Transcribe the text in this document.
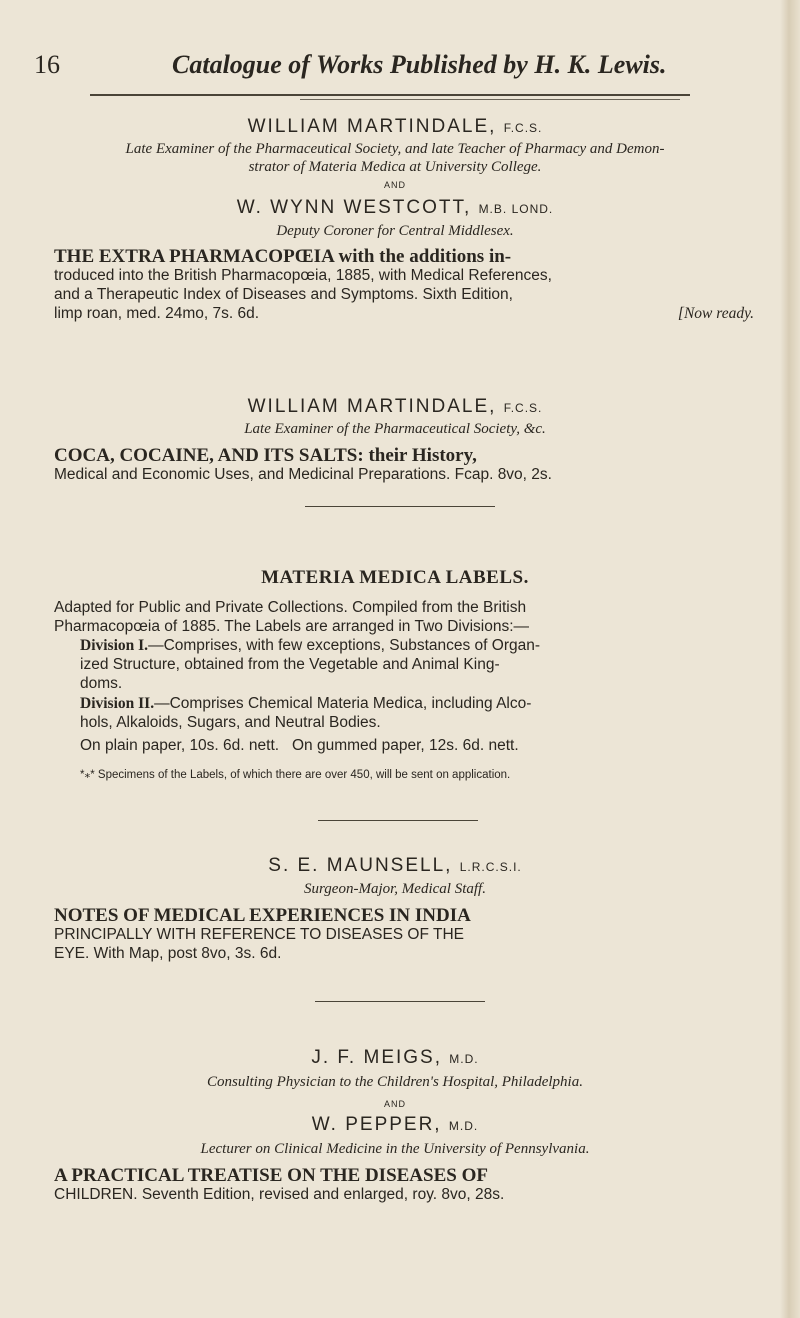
16	Catalogue of Works Published by H. K. Lewis.
WILLIAM MARTINDALE, F.C.S.
Late Examiner of the Pharmaceutical Society, and late Teacher of Pharmacy and Demon-
strator of Materia Medica at University College.
AND
W. WYNN WESTCOTT, M.B. LOND.
Deputy Coroner for Central Middlesex.
THE EXTRA PHARMACOPŒIA with the additions in-
troduced into the British Pharmacopœia, 1885, with Medical References,
and a Therapeutic Index of Diseases and Symptoms. Sixth Edition,
limp roan, med. 24mo, 7s. 6d.	[Now ready.
WILLIAM MARTINDALE, F.C.S.
Late Examiner of the Pharmaceutical Society, &c.
COCA, COCAINE, AND ITS SALTS: their History,
Medical and Economic Uses, and Medicinal Preparations. Fcap. 8vo, 2s.
MATERIA MEDICA LABELS.
Adapted for Public and Private Collections. Compiled from the British
Pharmacopœia of 1885. The Labels are arranged in Two Divisions:—
Division I.—Comprises, with few exceptions, Substances of Organ-
ized Structure, obtained from the Vegetable and Animal King-
doms.
Division II.—Comprises Chemical Materia Medica, including Alco-
hols, Alkaloids, Sugars, and Neutral Bodies.
On plain paper, 10s. 6d. nett. On gummed paper, 12s. 6d. nett.
*⁎* Specimens of the Labels, of which there are over 450, will be sent on application.
S. E. MAUNSELL, L.R.C.S.I.
Surgeon-Major, Medical Staff.
NOTES OF MEDICAL EXPERIENCES IN INDIA
PRINCIPALLY WITH REFERENCE TO DISEASES OF THE
EYE. With Map, post 8vo, 3s. 6d.
J. F. MEIGS, M.D.
Consulting Physician to the Children's Hospital, Philadelphia.
AND
W. PEPPER, M.D.
Lecturer on Clinical Medicine in the University of Pennsylvania.
A PRACTICAL TREATISE ON THE DISEASES OF
CHILDREN. Seventh Edition, revised and enlarged, roy. 8vo, 28s.
